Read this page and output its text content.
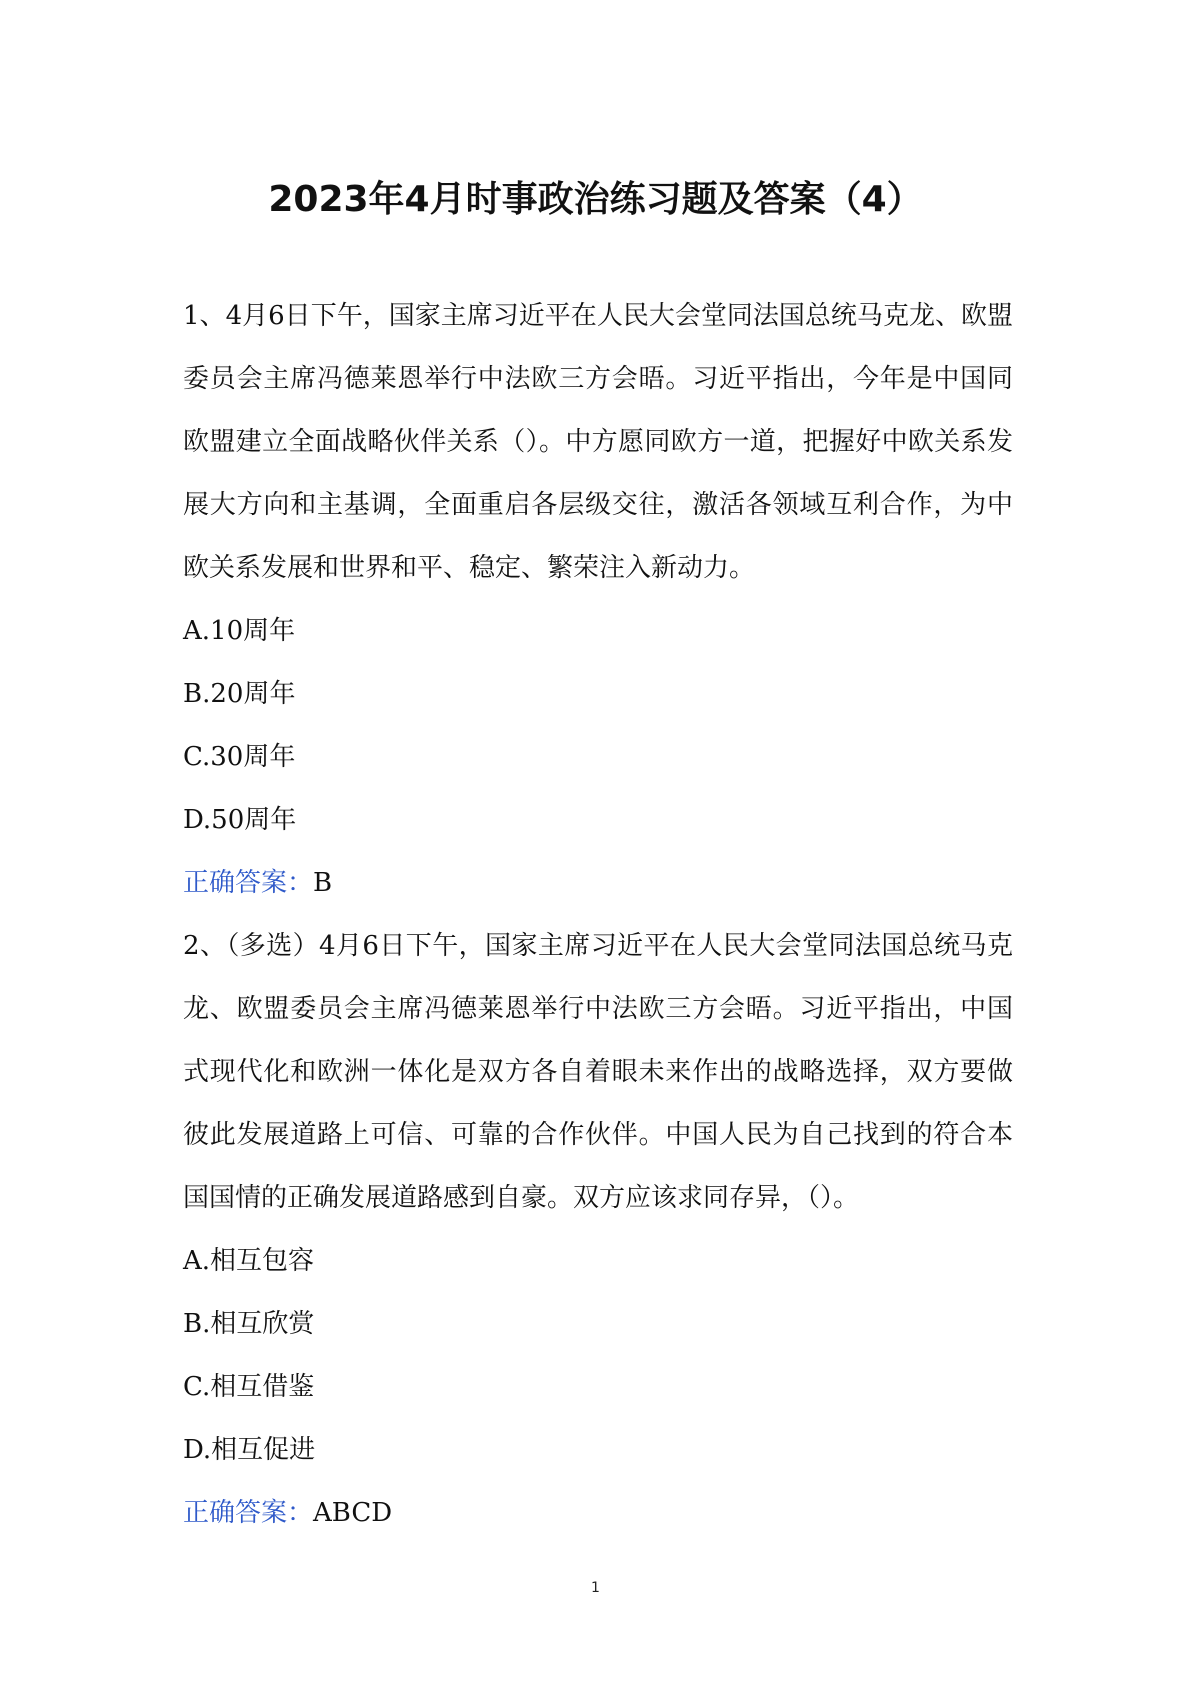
2023年4月时事政治练习题及答案（4）

1、4月6日下午，国家主席习近平在人民大会堂同法国总统马克龙、欧盟委员会主席冯德莱恩举行中法欧三方会晤。习近平指出，今年是中国同欧盟建立全面战略伙伴关系（）。中方愿同欧方一道，把握好中欧关系发展大方向和主基调，全面重启各层级交往，激活各领域互利合作，为中欧关系发展和世界和平、稳定、繁荣注入新动力。

A.10周年

B.20周年

C.30周年

D.50周年

正确答案：B

2、（多选）4月6日下午，国家主席习近平在人民大会堂同法国总统马克龙、欧盟委员会主席冯德莱恩举行中法欧三方会晤。习近平指出，中国式现代化和欧洲一体化是双方各自着眼未来作出的战略选择，双方要做彼此发展道路上可信、可靠的合作伙伴。中国人民为自己找到的符合本国国情的正确发展道路感到自豪。双方应该求同存异，（）。

A.相互包容

B.相互欣赏

C.相互借鉴

D.相互促进

正确答案：ABCD

1
